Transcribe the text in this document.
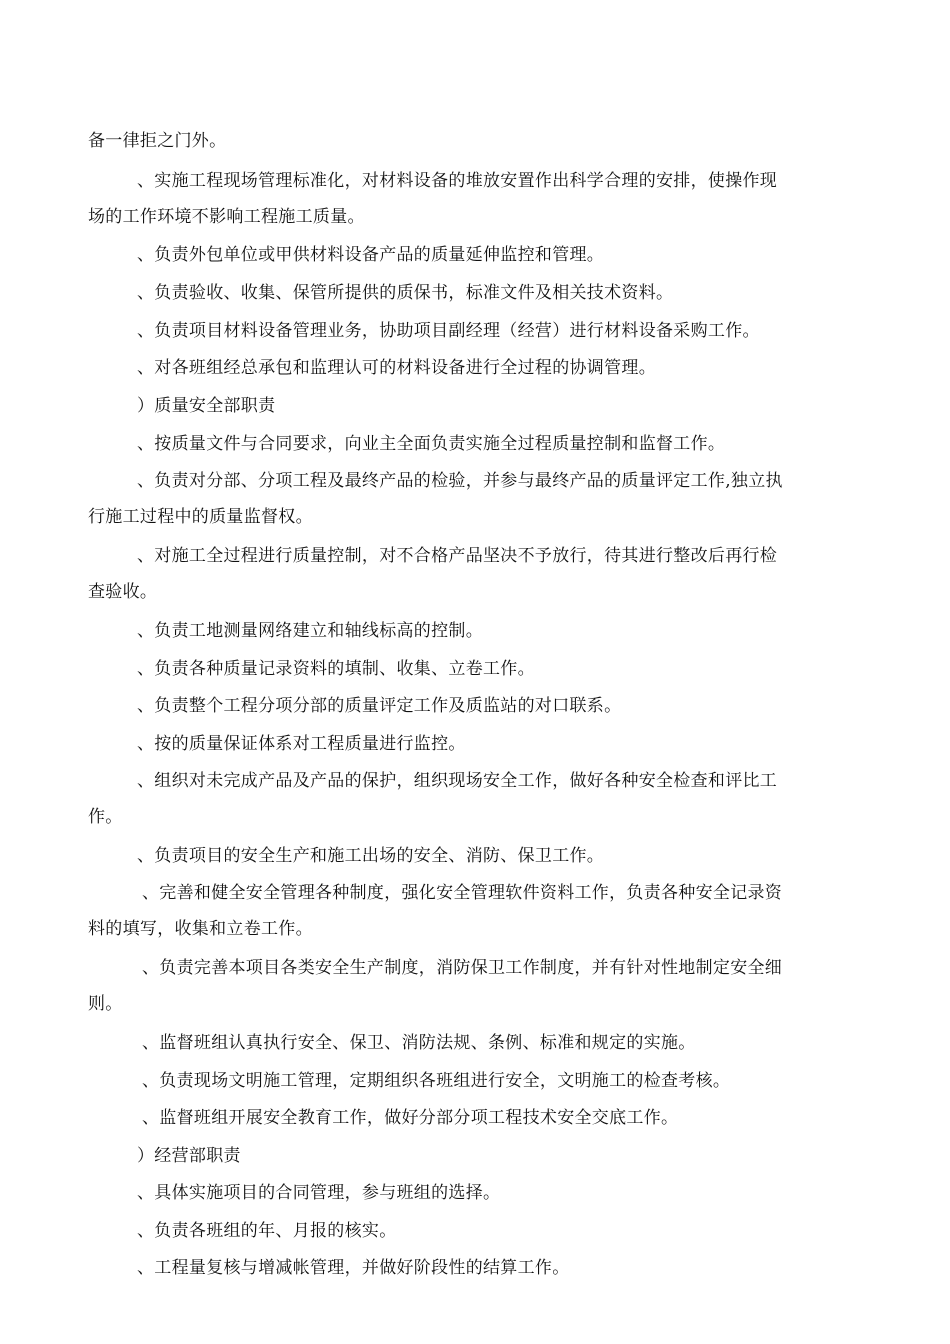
备一律拒之门外。
、实施工程现场管理标准化，对材料设备的堆放安置作出科学合理的安排，使操作现
场的工作环境不影响工程施工质量。
、负责外包单位或甲供材料设备产品的质量延伸监控和管理。
、负责验收、收集、保管所提供的质保书，标准文件及相关技术资料。
、负责项目材料设备管理业务，协助项目副经理（经营）进行材料设备采购工作。
、对各班组经总承包和监理认可的材料设备进行全过程的协调管理。
）质量安全部职责
、按质量文件与合同要求，向业主全面负责实施全过程质量控制和监督工作。
、负责对分部、分项工程及最终产品的检验，并参与最终产品的质量评定工作,独立执
行施工过程中的质量监督权。
、对施工全过程进行质量控制，对不合格产品坚决不予放行，待其进行整改后再行检
查验收。
、负责工地测量网络建立和轴线标高的控制。
、负责各种质量记录资料的填制、收集、立卷工作。
、负责整个工程分项分部的质量评定工作及质监站的对口联系。
、按的质量保证体系对工程质量进行监控。
、组织对未完成产品及产品的保护，组织现场安全工作，做好各种安全检查和评比工
作。
、负责项目的安全生产和施工出场的安全、消防、保卫工作。
、完善和健全安全管理各种制度，强化安全管理软件资料工作，负责各种安全记录资
料的填写，收集和立卷工作。
、负责完善本项目各类安全生产制度，消防保卫工作制度，并有针对性地制定安全细
则。
、监督班组认真执行安全、保卫、消防法规、条例、标准和规定的实施。
、负责现场文明施工管理，定期组织各班组进行安全，文明施工的检查考核。
、监督班组开展安全教育工作，做好分部分项工程技术安全交底工作。
）经营部职责
、具体实施项目的合同管理，参与班组的选择。
、负责各班组的年、月报的核实。
、工程量复核与增减帐管理，并做好阶段性的结算工作。
